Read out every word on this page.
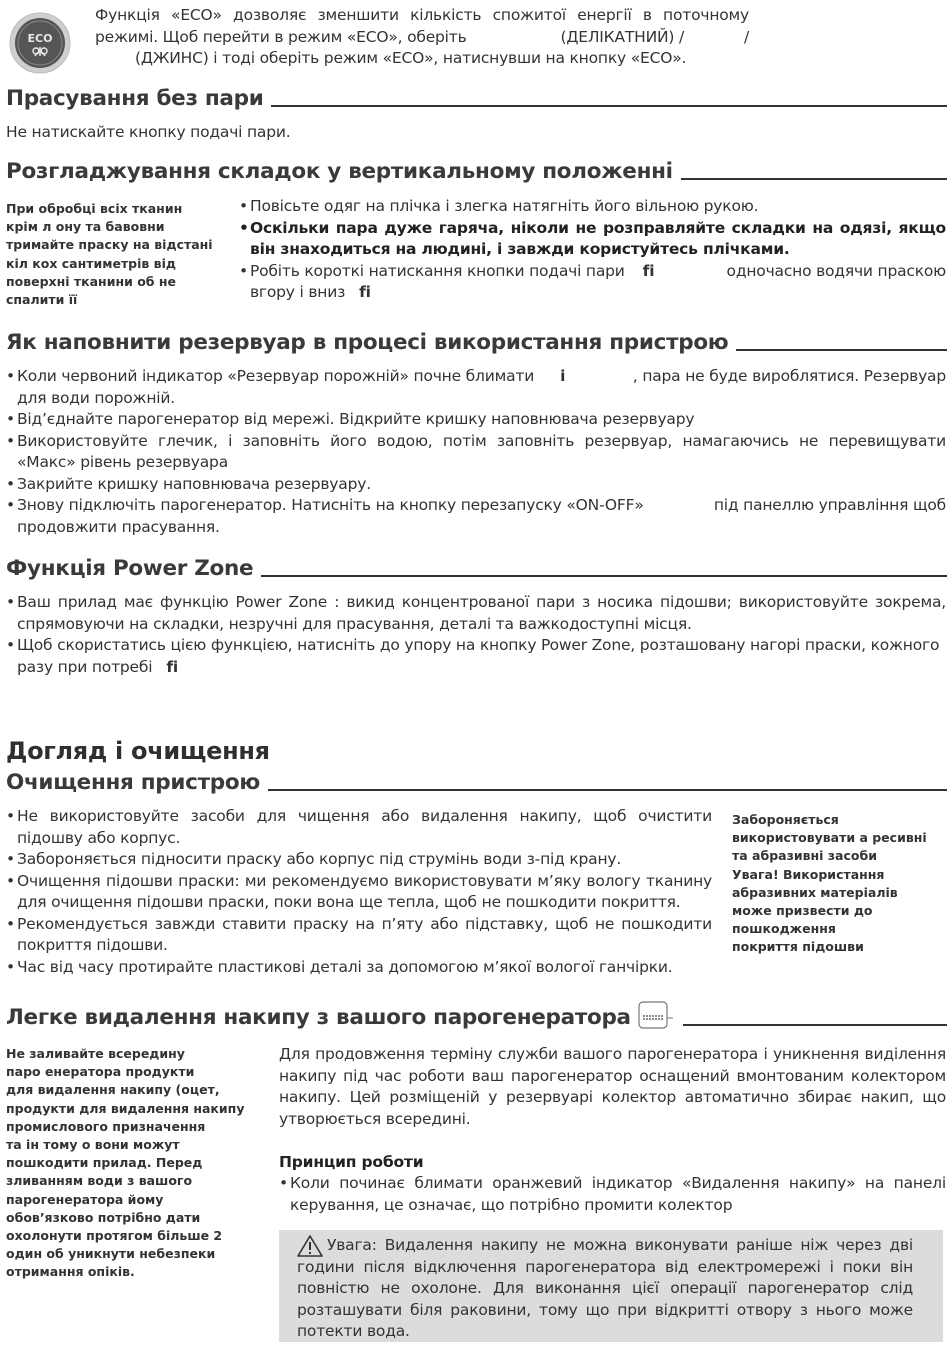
ECO
Функція «ECO» дозволяє зменшити кількість спожитої енергії в поточному
режимі. Щоб перейти в режим «ECO», оберіть	(ДЕЛІКАТНИЙ) /	/
(ДЖИНС) і тоді оберіть режим «ECO», натиснувши на кнопку «ECO».
Прасування без пари
Не натискайте кнопку подачі пари.
Розгладжування складок у вертикальному положенні
При обробці всіх тканин
крім л ону та бавовни
тримайте праску на відстані
кіл кох сантиметрів від
поверхні тканини об не
спалити її
• Повісьте одяг на плічка і злегка натягніть його вільною рукою.
• Оскільки пара дуже гаряча, ніколи не розправляйте складки на одязі, якщо він знаходиться на людині, і завжди користуйтесь плічками.
• Робіть короткі натискання кнопки подачі пари fi	одночасно водячи праскою
вгору і вниз fi
Як наповнити резервуар в процесі використання пристрою
• Коли червоний індикатор «Резервуар порожній» почне блимати i	, пара не буде вироблятися. Резервуар
для води порожній.
• Від’єднайте парогенератор від мережі. Відкрийте кришку наповнювача резервуару
• Використовуйте глечик, і заповніть його водою, потім заповніть резервуар, намагаючись не перевищувати «Макс» рівень резервуара
• Закрийте кришку наповнювача резервуару.
• Знову підключіть парогенератор. Натисніть на кнопку перезапуску «ON-OFF»	під панеллю управління щоб
продовжити прасування.
Функція Power Zone
• Ваш прилад має функцію Power Zone : викид концентрованої пари з носика підошви; використовуйте зокрема, спрямовуючи на складки, незручні для прасування, деталі та важкодоступні місця.
• Щоб скористатись цією функцією, натисніть до упору на кнопку Power Zone, розташовану нагорі праски, кожного
разу при потребі fi
Догляд і очищення
Очищення пристрою
• Не використовуйте засоби для чищення або видалення накипу, щоб очистити підошву або корпус.
• Забороняється підносити праску або корпус під струмінь води з-під крану.
• Очищення підошви праски: ми рекомендуємо використовувати м’яку вологу тканину для очищення підошви праски, поки вона ще тепла, щоб не пошкодити покриття.
• Рекомендується завжди ставити праску на п’яту або підставку, щоб не пошкодити покриття підошви.
• Час від часу протирайте пластикові деталі за допомогою м’якої вологої ганчірки.
Забороняється
використовувати а ресивні
та абразивні засоби
Увага! Використання
абразивних матеріалів
може призвести до
пошкодження
покриття підошви
Легке видалення накипу з вашого парогенератора
Не заливайте всередину
паро енератора продукти
для видалення накипу (оцет,
продукти для видалення накипу
промислового призначення
та ін тому о вони можут
пошкодити прилад. Перед
зливанням води з вашого
парогенератора йому
обов’язково потрібно дати
охолонути протягом більше 2
один об уникнути небезпеки
отримання опіків.
Для продовження терміну служби вашого парогенератора і уникнення виділення накипу під час роботи ваш парогенератор оснащений вмонтованим колектором накипу. Цей розміщеній у резервуарі колектор автоматично збирає накип, що утворюється всередині.
Принцип роботи
• Коли починає блимати оранжевий індикатор «Видалення накипу» на панелі керування, це означає, що потрібно промити колектор
Увага: Видалення накипу не можна виконувати раніше ніж через дві години після відключення парогенератора від електромережі і поки він повністю не охолоне. Для виконання цієї операції парогенератор слід розташувати біля раковини, тому що при відкритті отвору з нього може потекти вода.
